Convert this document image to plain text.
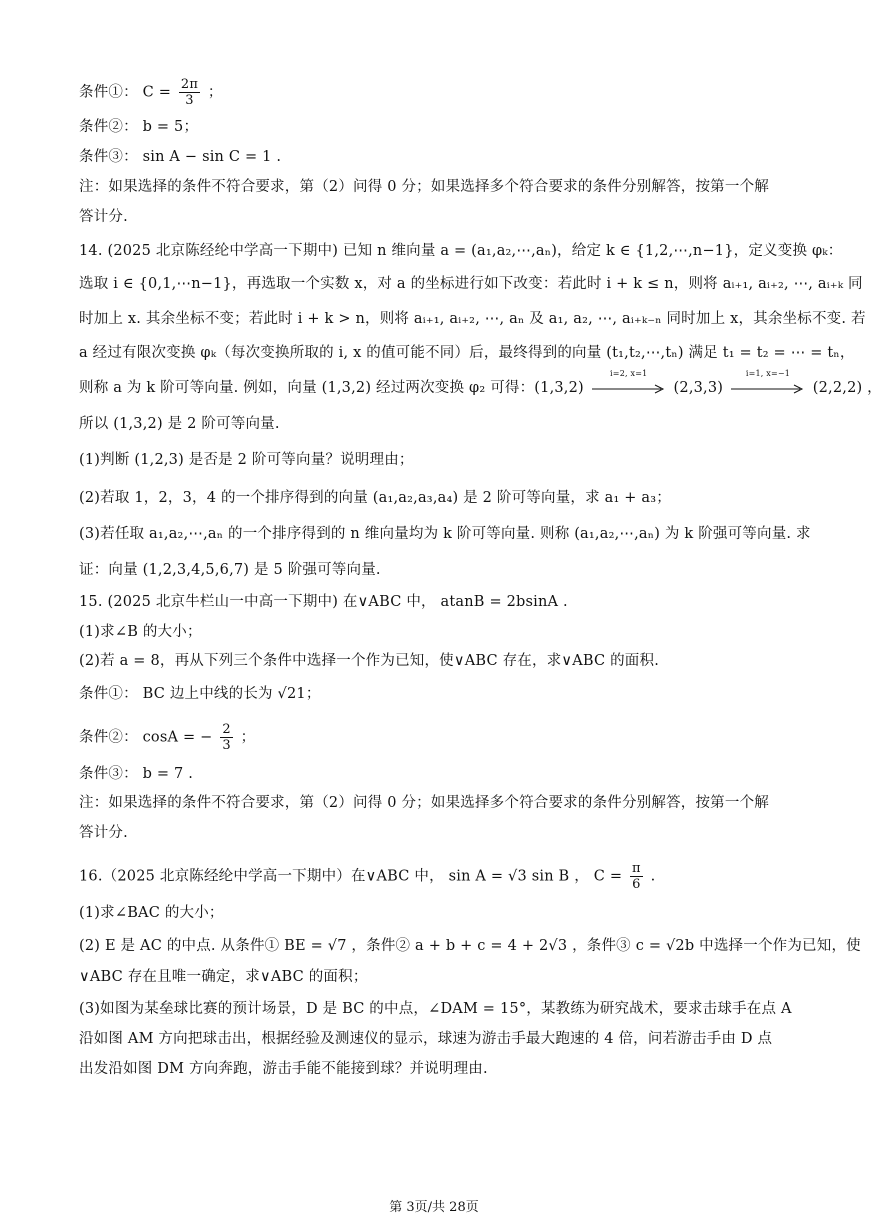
条件①： $C = \frac{2\pi}{3}$ ；
条件②： b = 5；
条件③： sin A − sin C = 1 .
注：如果选择的条件不符合要求，第（2）问得 0 分；如果选择多个符合要求的条件分别解答，按第一个解
答计分.
14. (2025 北京陈经纶中学高一下期中) 已知 n 维向量 a = (a₁,a₂,⋯,aₙ)，给定 k ∈ {1,2,⋯,n−1}，定义变换 φₖ：
选取 i ∈ {0,1,⋯n−1}，再选取一个实数 x，对 a 的坐标进行如下改变：若此时 i + k ≤ n，则将 aᵢ₊₁, aᵢ₊₂, ⋯, aᵢ₊ₖ 同
时加上 x. 其余坐标不变；若此时 i + k > n，则将 aᵢ₊₁, aᵢ₊₂, ⋯, aₙ 及 a₁, a₂, ⋯, aᵢ₊ₖ₋ₙ 同时加上 x，其余坐标不变. 若
a 经过有限次变换 φₖ（每次变换所取的 i, x 的值可能不同）后，最终得到的向量 (t₁,t₂,⋯,tₙ) 满足 t₁ = t₂ = ⋯ = tₙ，
则称 a 为 k 阶可等向量. 例如，向量 (1,3,2) 经过两次变换 φ₂ 可得：(1,3,2)
i=2, x=1
(2,3,3)
i=1, x=−1
(2,2,2) ，
所以 (1,3,2) 是 2 阶可等向量.
(1)判断 (1,2,3) 是否是 2 阶可等向量？说明理由；
(2)若取 1，2，3，4 的一个排序得到的向量 (a₁,a₂,a₃,a₄) 是 2 阶可等向量，求 a₁ + a₃；
(3)若任取 a₁,a₂,⋯,aₙ 的一个排序得到的 n 维向量均为 k 阶可等向量. 则称 (a₁,a₂,⋯,aₙ) 为 k 阶强可等向量. 求
证：向量 (1,2,3,4,5,6,7) 是 5 阶强可等向量.
15. (2025 北京牛栏山一中高一下期中) 在∨ABC 中， atanB = 2bsinA .
(1)求∠B 的大小；
(2)若 a = 8，再从下列三个条件中选择一个作为已知，使∨ABC 存在，求∨ABC 的面积.
条件①： BC 边上中线的长为 √21；
条件②： cosA = − $\frac{2}{3}$ ；
条件③： b = 7 .
注：如果选择的条件不符合要求，第（2）问得 0 分；如果选择多个符合要求的条件分别解答，按第一个解
答计分.
16.（2025 北京陈经纶中学高一下期中）在∨ABC 中， sin A = √3 sin B ， $C = \frac{\pi}{6}$ .
(1)求∠BAC 的大小；
(2) E 是 AC 的中点. 从条件① BE = √7 ，条件② a + b + c = 4 + 2√3 ，条件③ c = √2b 中选择一个作为已知，使
∨ABC 存在且唯一确定，求∨ABC 的面积；
(3)如图为某垒球比赛的预计场景，D 是 BC 的中点，∠DAM = 15°，某教练为研究战术，要求击球手在点 A
沿如图 AM 方向把球击出，根据经验及测速仪的显示，球速为游击手最大跑速的 4 倍，问若游击手由 D 点
出发沿如图 DM 方向奔跑，游击手能不能接到球？并说明理由.
第 3页/共 28页
